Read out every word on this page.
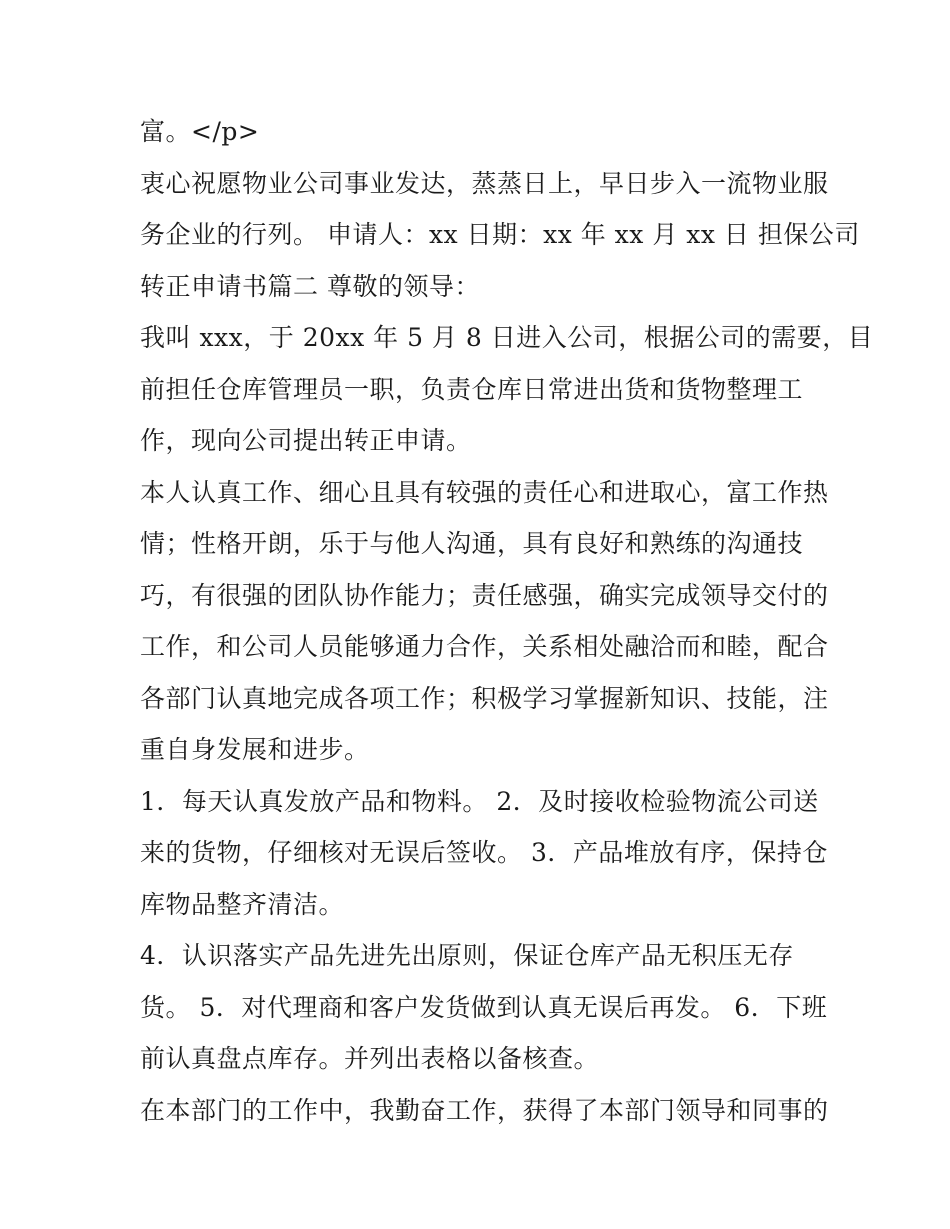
富。</p>
衷心祝愿物业公司事业发达，蒸蒸日上，早日步入一流物业服
务企业的行列。 申请人：xx 日期：xx 年 xx 月 xx 日 担保公司
转正申请书篇二 尊敬的领导：
我叫 xxx，于 20xx 年 5 月 8 日进入公司，根据公司的需要，目
前担任仓库管理员一职，负责仓库日常进出货和货物整理工
作，现向公司提出转正申请。
本人认真工作、细心且具有较强的责任心和进取心，富工作热
情；性格开朗，乐于与他人沟通，具有良好和熟练的沟通技
巧，有很强的团队协作能力；责任感强，确实完成领导交付的
工作，和公司人员能够通力合作，关系相处融洽而和睦，配合
各部门认真地完成各项工作；积极学习掌握新知识、技能，注
重自身发展和进步。
1．每天认真发放产品和物料。 2．及时接收检验物流公司送
来的货物，仔细核对无误后签收。 3．产品堆放有序，保持仓
库物品整齐清洁。
4．认识落实产品先进先出原则，保证仓库产品无积压无存
货。 5．对代理商和客户发货做到认真无误后再发。 6．下班
前认真盘点库存。并列出表格以备核查。
在本部门的工作中，我勤奋工作，获得了本部门领导和同事的
